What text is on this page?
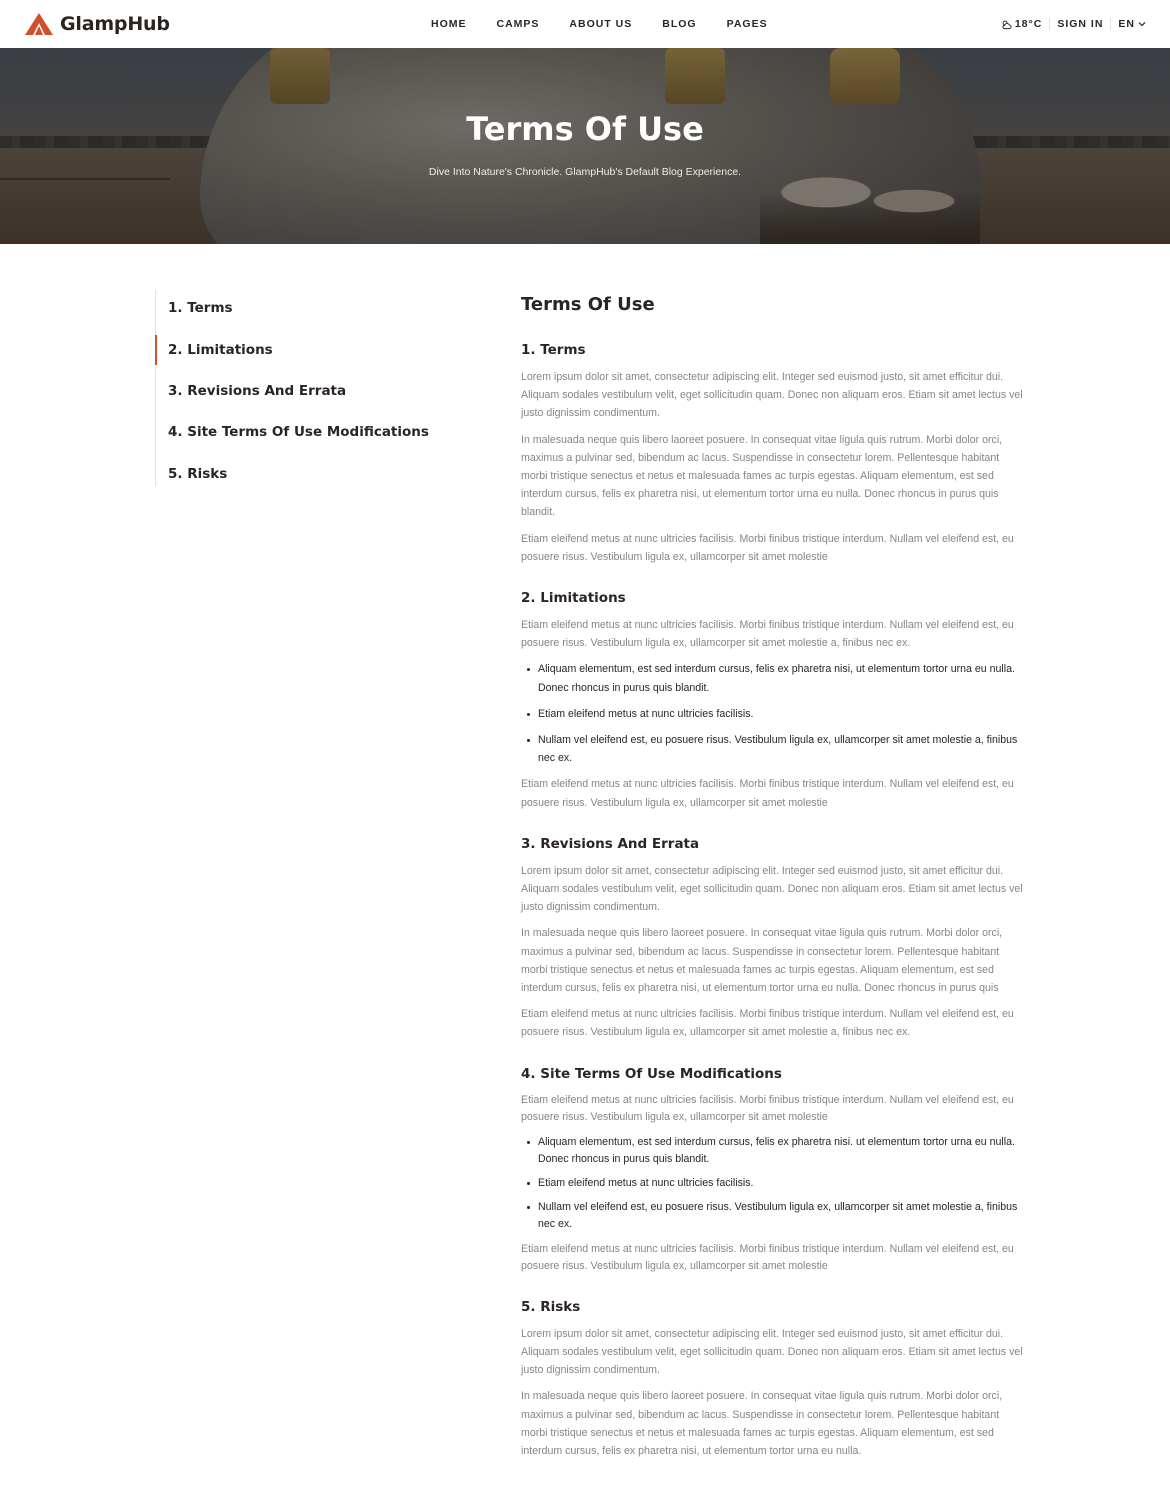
GlampHub	HOME	CAMPS	ABOUT US	BLOG	PAGES	18°C SIGN IN EN
Terms Of Use

Dive Into Nature's Chronicle. GlampHub's Default Blog Experience.

1. Terms
2. Limitations
3. Revisions And Errata
4. Site Terms Of Use Modifications
5. Risks
Terms Of Use
1. Terms

Lorem ipsum dolor sit amet, consectetur adipiscing elit. Integer sed euismod justo, sit amet efficitur dui. Aliquam sodales vestibulum velit, eget sollicitudin quam. Donec non aliquam eros. Etiam sit amet lectus vel justo dignissim condimentum.

In malesuada neque quis libero laoreet posuere. In consequat vitae ligula quis rutrum. Morbi dolor orci, maximus a pulvinar sed, bibendum ac lacus. Suspendisse in consectetur lorem. Pellentesque habitant morbi tristique senectus et netus et malesuada fames ac turpis egestas. Aliquam elementum, est sed interdum cursus, felis ex pharetra nisi, ut elementum tortor urna eu nulla. Donec rhoncus in purus quis blandit.

Etiam eleifend metus at nunc ultricies facilisis. Morbi finibus tristique interdum. Nullam vel eleifend est, eu posuere risus. Vestibulum ligula ex, ullamcorper sit amet molestie

2. Limitations

Etiam eleifend metus at nunc ultricies facilisis. Morbi finibus tristique interdum. Nullam vel eleifend est, eu posuere risus. Vestibulum ligula ex, ullamcorper sit amet molestie a, finibus nec ex.

Aliquam elementum, est sed interdum cursus, felis ex pharetra nisi, ut elementum tortor urna eu nulla. Donec rhoncus in purus quis blandit.
Etiam eleifend metus at nunc ultricies facilisis.
Nullam vel eleifend est, eu posuere risus. Vestibulum ligula ex, ullamcorper sit amet molestie a, finibus nec ex.

Etiam eleifend metus at nunc ultricies facilisis. Morbi finibus tristique interdum. Nullam vel eleifend est, eu posuere risus. Vestibulum ligula ex, ullamcorper sit amet molestie

3. Revisions And Errata

Lorem ipsum dolor sit amet, consectetur adipiscing elit. Integer sed euismod justo, sit amet efficitur dui. Aliquam sodales vestibulum velit, eget sollicitudin quam. Donec non aliquam eros. Etiam sit amet lectus vel justo dignissim condimentum.

In malesuada neque quis libero laoreet posuere. In consequat vitae ligula quis rutrum. Morbi dolor orci, maximus a pulvinar sed, bibendum ac lacus. Suspendisse in consectetur lorem. Pellentesque habitant morbi tristique senectus et netus et malesuada fames ac turpis egestas. Aliquam elementum, est sed interdum cursus, felis ex pharetra nisi, ut elementum tortor urna eu nulla. Donec rhoncus in purus quis

Etiam eleifend metus at nunc ultricies facilisis. Morbi finibus tristique interdum. Nullam vel eleifend est, eu posuere risus. Vestibulum ligula ex, ullamcorper sit amet molestie a, finibus nec ex.

4. Site Terms Of Use Modifications

Etiam eleifend metus at nunc ultricies facilisis. Morbi finibus tristique interdum. Nullam vel eleifend est, eu posuere risus. Vestibulum ligula ex, ullamcorper sit amet molestie

Aliquam elementum, est sed interdum cursus, felis ex pharetra nisi. ut elementum tortor urna eu nulla. Donec rhoncus in purus quis blandit.
Etiam eleifend metus at nunc ultricies facilisis.
Nullam vel eleifend est, eu posuere risus. Vestibulum ligula ex, ullamcorper sit amet molestie a, finibus nec ex.

Etiam eleifend metus at nunc ultricies facilisis. Morbi finibus tristique interdum. Nullam vel eleifend est, eu posuere risus. Vestibulum ligula ex, ullamcorper sit amet molestie

5. Risks

Lorem ipsum dolor sit amet, consectetur adipiscing elit. Integer sed euismod justo, sit amet efficitur dui. Aliquam sodales vestibulum velit, eget sollicitudin quam. Donec non aliquam eros. Etiam sit amet lectus vel justo dignissim condimentum.

In malesuada neque quis libero laoreet posuere. In consequat vitae ligula quis rutrum. Morbi dolor orci, maximus a pulvinar sed, bibendum ac lacus. Suspendisse in consectetur lorem. Pellentesque habitant morbi tristique senectus et netus et malesuada fames ac turpis egestas. Aliquam elementum, est sed interdum cursus, felis ex pharetra nisi, ut elementum tortor urna eu nulla.
